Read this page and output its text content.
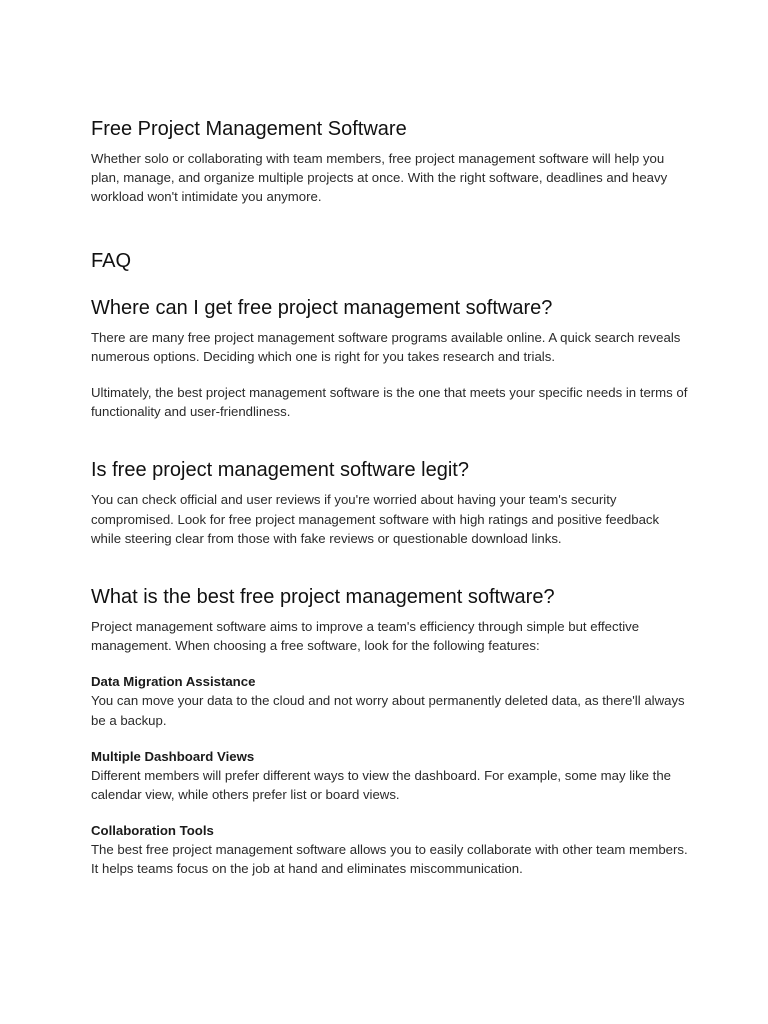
Free Project Management Software

Whether solo or collaborating with team members, free project management software will help you plan, manage, and organize multiple projects at once. With the right software, deadlines and heavy workload won't intimidate you anymore.

FAQ
Where can I get free project management software?

There are many free project management software programs available online. A quick search reveals numerous options. Deciding which one is right for you takes research and trials.

Ultimately, the best project management software is the one that meets your specific needs in terms of functionality and user-friendliness.

Is free project management software legit?

You can check official and user reviews if you're worried about having your team's security compromised. Look for free project management software with high ratings and positive feedback while steering clear from those with fake reviews or questionable download links.

What is the best free project management software?

Project management software aims to improve a team's efficiency through simple but effective management. When choosing a free software, look for the following features:

Data Migration Assistance

You can move your data to the cloud and not worry about permanently deleted data, as there'll always be a backup.

Multiple Dashboard Views

Different members will prefer different ways to view the dashboard. For example, some may like the calendar view, while others prefer list or board views.

Collaboration Tools

The best free project management software allows you to easily collaborate with other team members. It helps teams focus on the job at hand and eliminates miscommunication.
